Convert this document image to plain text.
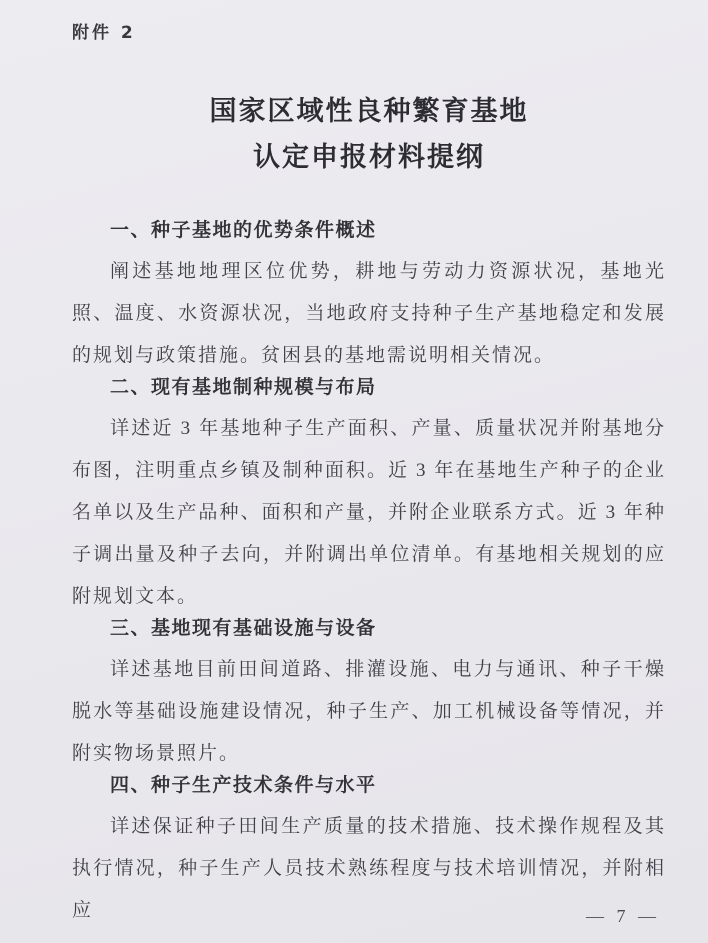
附件 2
国家区域性良种繁育基地
认定申报材料提纲
一、种子基地的优势条件概述

阐述基地地理区位优势，耕地与劳动力资源状况，基地光照、温度、水资源状况，当地政府支持种子生产基地稳定和发展的规划与政策措施。贫困县的基地需说明相关情况。

二、现有基地制种规模与布局

详述近 3 年基地种子生产面积、产量、质量状况并附基地分布图，注明重点乡镇及制种面积。近 3 年在基地生产种子的企业名单以及生产品种、面积和产量，并附企业联系方式。近 3 年种子调出量及种子去向，并附调出单位清单。有基地相关规划的应附规划文本。

三、基地现有基础设施与设备

详述基地目前田间道路、排灌设施、电力与通讯、种子干燥脱水等基础设施建设情况，种子生产、加工机械设备等情况，并附实物场景照片。

四、种子生产技术条件与水平

详述保证种子田间生产质量的技术措施、技术操作规程及其执行情况，种子生产人员技术熟练程度与技术培训情况，并附相应	— 7 —
